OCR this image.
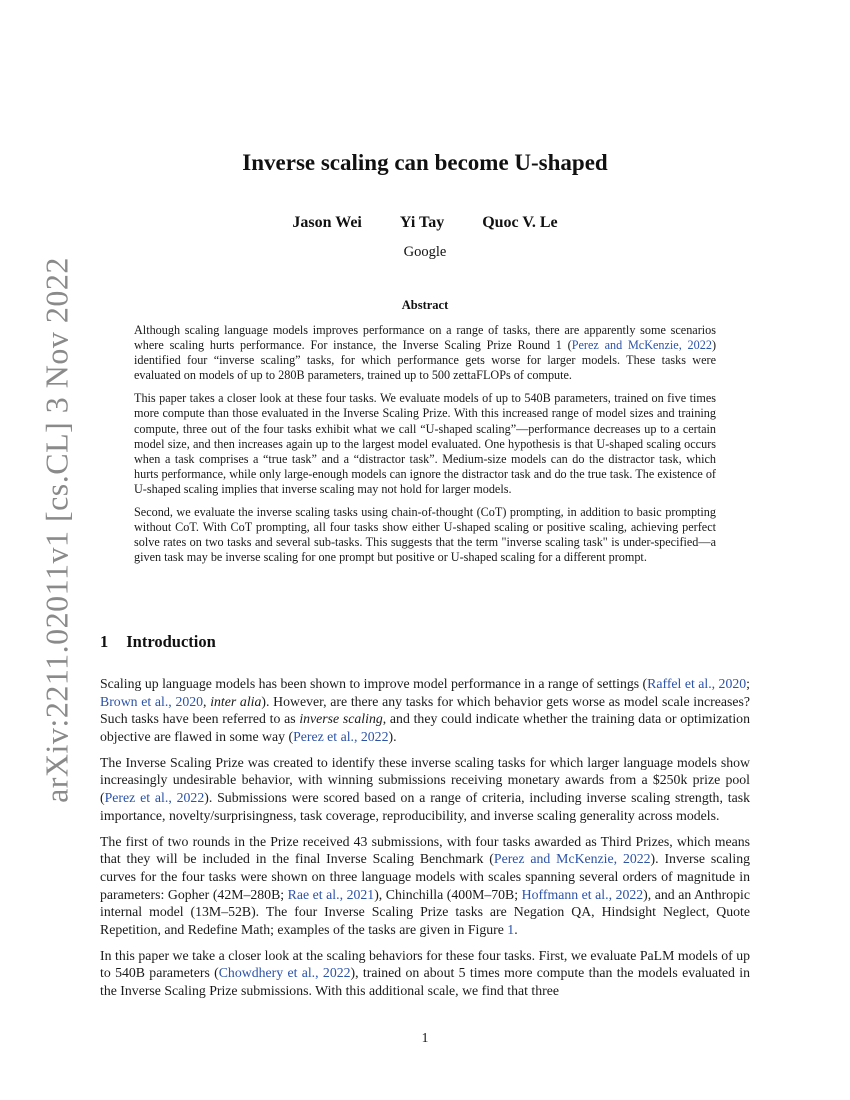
arXiv:2211.02011v1 [cs.CL] 3 Nov 2022
Inverse scaling can become U-shaped
Jason Wei Yi Tay Quoc V. Le
Google
Abstract

Although scaling language models improves performance on a range of tasks, there are apparently some scenarios where scaling hurts performance. For instance, the Inverse Scaling Prize Round 1 (Perez and McKenzie, 2022) identified four “inverse scaling” tasks, for which performance gets worse for larger models. These tasks were evaluated on models of up to 280B parameters, trained up to 500 zettaFLOPs of compute.

This paper takes a closer look at these four tasks. We evaluate models of up to 540B parameters, trained on five times more compute than those evaluated in the Inverse Scaling Prize. With this increased range of model sizes and training compute, three out of the four tasks exhibit what we call “U-shaped scaling”—performance decreases up to a certain model size, and then increases again up to the largest model evaluated. One hypothesis is that U-shaped scaling occurs when a task comprises a “true task” and a “distractor task”. Medium-size models can do the distractor task, which hurts performance, while only large-enough models can ignore the distractor task and do the true task. The existence of U-shaped scaling implies that inverse scaling may not hold for larger models.

Second, we evaluate the inverse scaling tasks using chain-of-thought (CoT) prompting, in addition to basic prompting without CoT. With CoT prompting, all four tasks show either U-shaped scaling or positive scaling, achieving perfect solve rates on two tasks and several sub-tasks. This suggests that the term "inverse scaling task" is under-specified—a given task may be inverse scaling for one prompt but positive or U-shaped scaling for a different prompt.

1 Introduction

Scaling up language models has been shown to improve model performance in a range of settings (Raffel et al., 2020; Brown et al., 2020, inter alia). However, are there any tasks for which behavior gets worse as model scale increases? Such tasks have been referred to as inverse scaling, and they could indicate whether the training data or optimization objective are flawed in some way (Perez et al., 2022).

The Inverse Scaling Prize was created to identify these inverse scaling tasks for which larger language models show increasingly undesirable behavior, with winning submissions receiving monetary awards from a $250k prize pool (Perez et al., 2022). Submissions were scored based on a range of criteria, including inverse scaling strength, task importance, novelty/surprisingness, task coverage, reproducibility, and inverse scaling generality across models.

The first of two rounds in the Prize received 43 submissions, with four tasks awarded as Third Prizes, which means that they will be included in the final Inverse Scaling Benchmark (Perez and McKenzie, 2022). Inverse scaling curves for the four tasks were shown on three language models with scales spanning several orders of magnitude in parameters: Gopher (42M–280B; Rae et al., 2021), Chinchilla (400M–70B; Hoffmann et al., 2022), and an Anthropic internal model (13M–52B). The four Inverse Scaling Prize tasks are Negation QA, Hindsight Neglect, Quote Repetition, and Redefine Math; examples of the tasks are given in Figure 1.

In this paper we take a closer look at the scaling behaviors for these four tasks. First, we evaluate PaLM models of up to 540B parameters (Chowdhery et al., 2022), trained on about 5 times more compute than the models evaluated in the Inverse Scaling Prize submissions. With this additional scale, we find that three

1
